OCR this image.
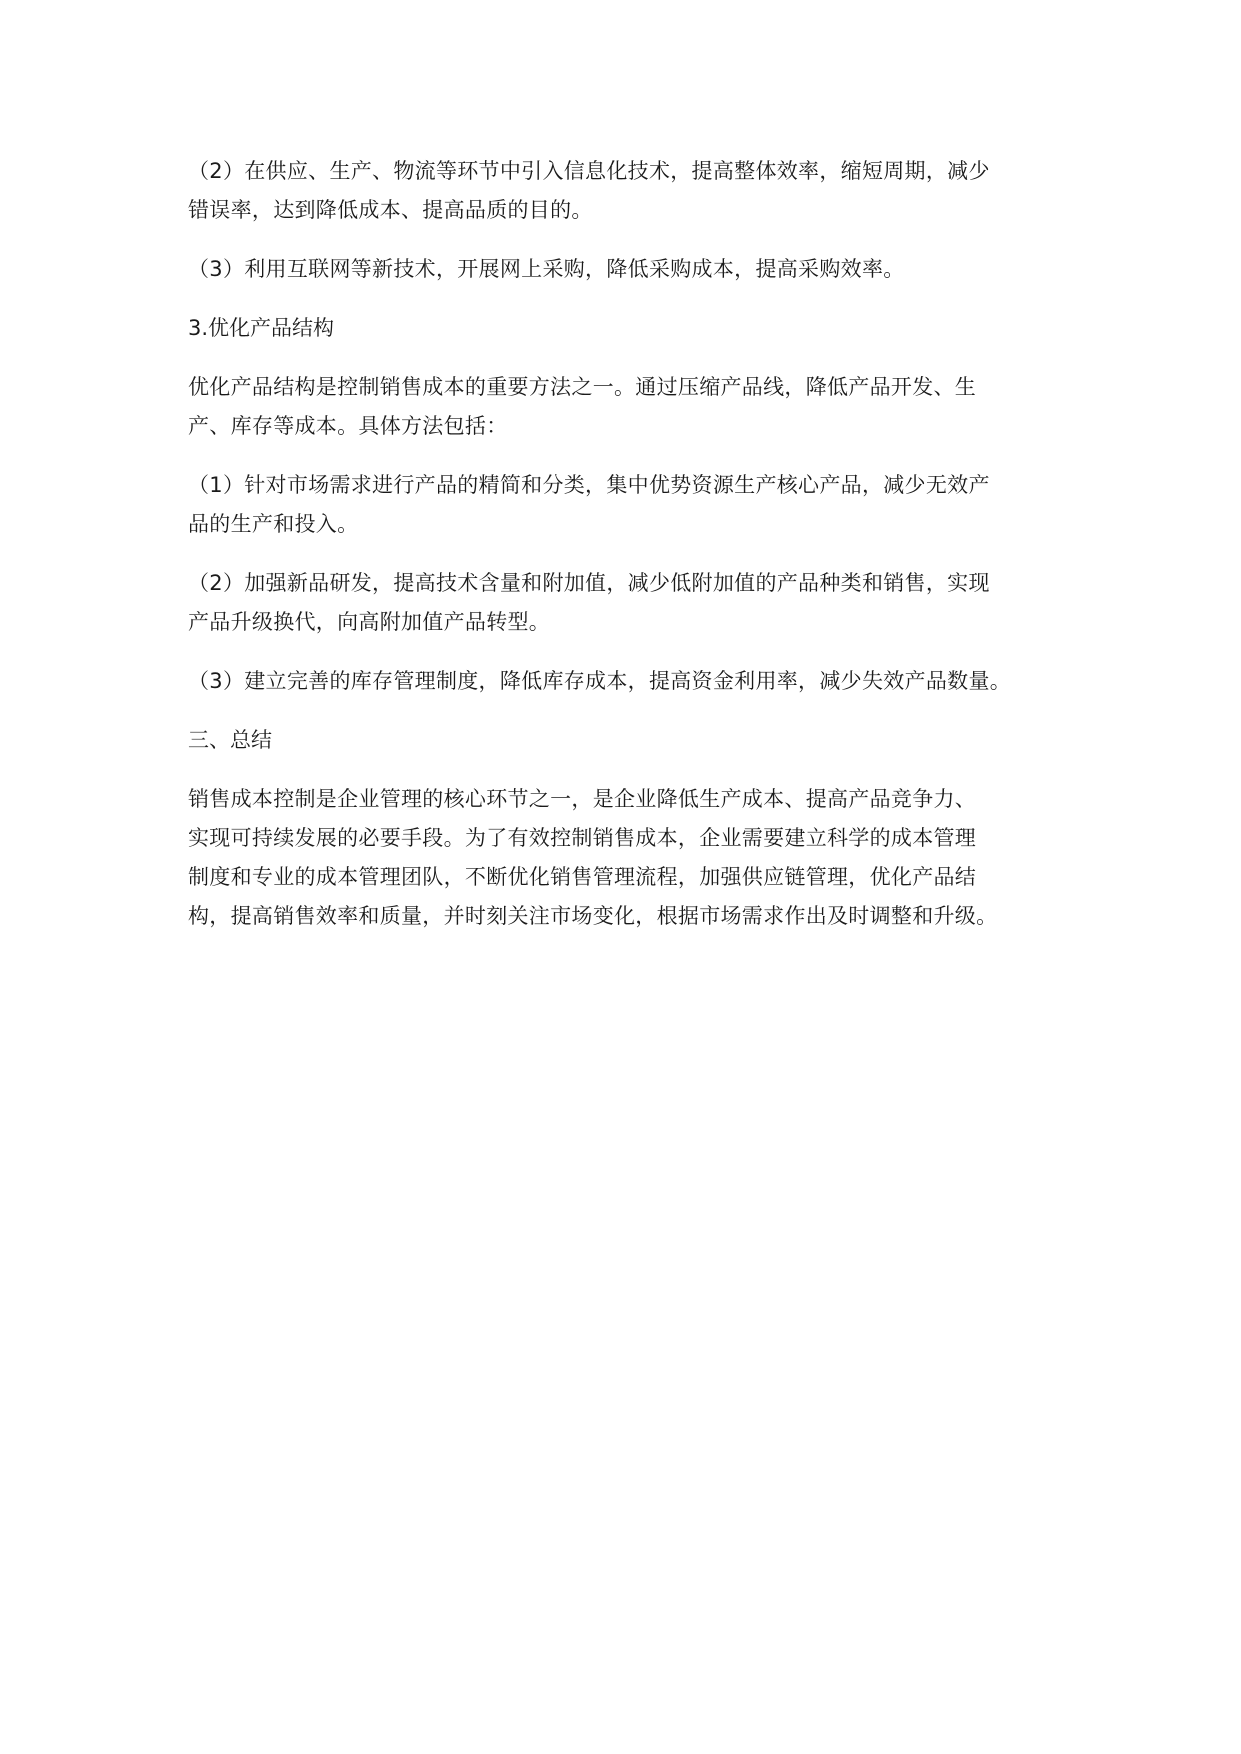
（2）在供应、生产、物流等环节中引入信息化技术，提高整体效率，缩短周期，减少
错误率，达到降低成本、提高品质的目的。

（3）利用互联网等新技术，开展网上采购，降低采购成本，提高采购效率。

3.优化产品结构

优化产品结构是控制销售成本的重要方法之一。通过压缩产品线，降低产品开发、生
产、库存等成本。具体方法包括：

（1）针对市场需求进行产品的精简和分类，集中优势资源生产核心产品，减少无效产
品的生产和投入。

（2）加强新品研发，提高技术含量和附加值，减少低附加值的产品种类和销售，实现
产品升级换代，向高附加值产品转型。

（3）建立完善的库存管理制度，降低库存成本，提高资金利用率，减少失效产品数量。

三、总结

销售成本控制是企业管理的核心环节之一，是企业降低生产成本、提高产品竞争力、
实现可持续发展的必要手段。为了有效控制销售成本，企业需要建立科学的成本管理
制度和专业的成本管理团队，不断优化销售管理流程，加强供应链管理，优化产品结
构，提高销售效率和质量，并时刻关注市场变化，根据市场需求作出及时调整和升级。
